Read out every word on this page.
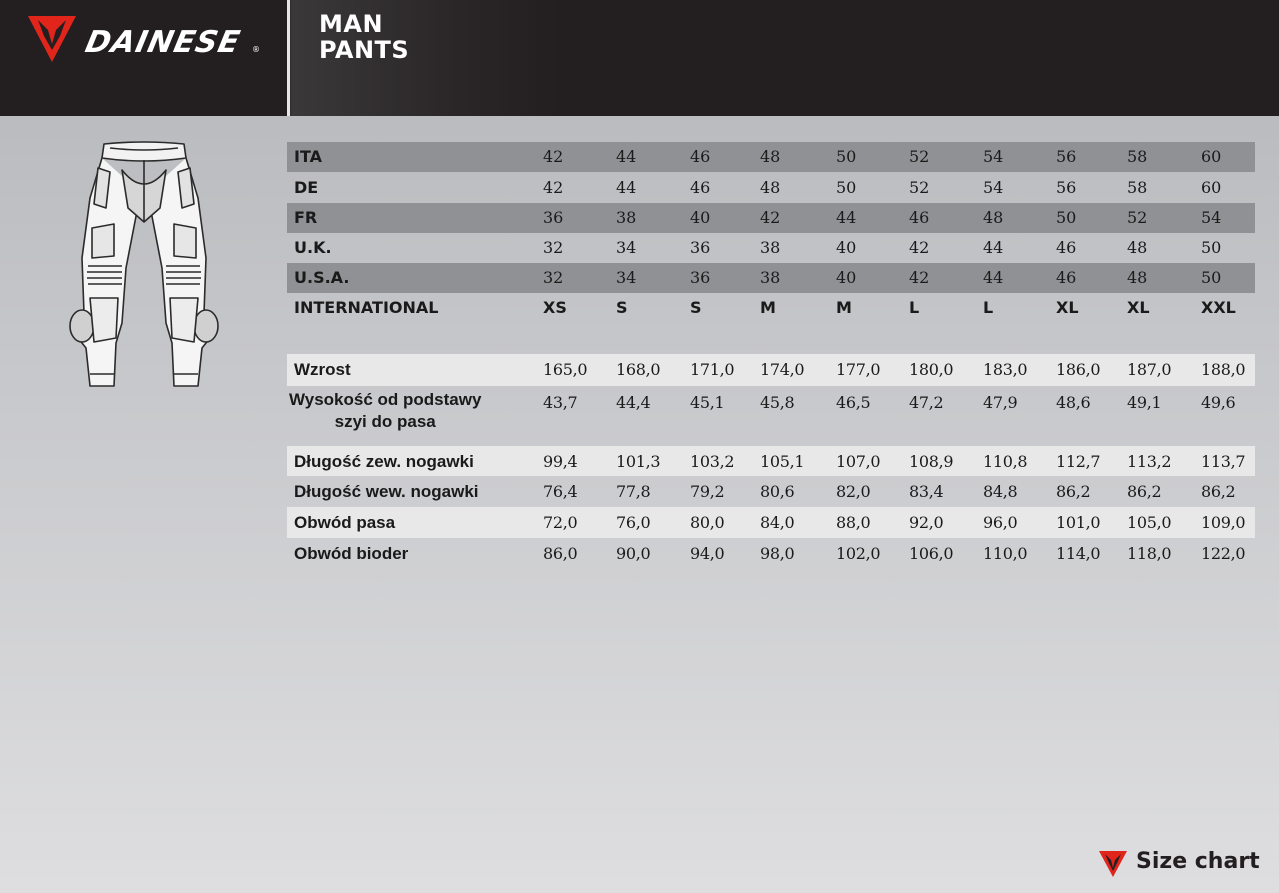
DAINESE ®
MAN
PANTS
ITA	42	44	46	48	50	52	54	56	58	60
DE	42	44	46	48	50	52	54	56	58	60
FR	36	38	40	42	44	46	48	50	52	54
U.K.	32	34	36	38	40	42	44	46	48	50
U.S.A.	32	34	36	38	40	42	44	46	48	50
INTERNATIONAL	XS	S	S	M	M	L	L	XL	XL	XXL
Wzrost	165,0 168,0 171,0 174,0 177,0 180,0 183,0 186,0 187,0 188,0
Wysokość od podstawy
szyi do pasa
43,7 44,4 45,1 45,8	46,5 47,2 47,9 48,6 49,1 49,6
Długość zew. nogawki	99,4 101,3 103,2 105,1 107,0 108,9 110,8 112,7 113,2 113,7
Długość wew. nogawki	76,4 77,8 79,2 80,6	82,0 83,4 84,8 86,2 86,2 86,2
Obwód pasa	72,0 76,0 80,0 84,0	88,0 92,0 96,0 101,0 105,0 109,0
Obwód bioder	86,0 90,0 94,0 98,0	102,0 106,0 110,0 114,0 118,0 122,0
Size chart
